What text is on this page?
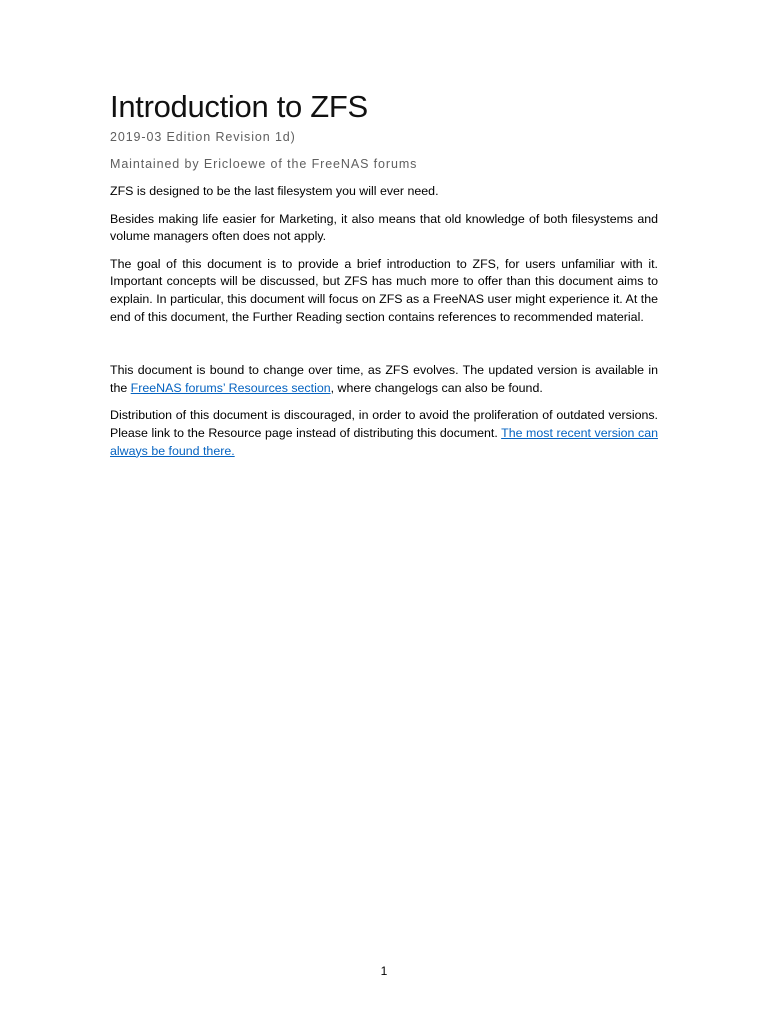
Introduction to ZFS
2019-03 Edition Revision 1d)
Maintained by Ericloewe of the FreeNAS forums

ZFS is designed to be the last filesystem you will ever need.

Besides making life easier for Marketing, it also means that old knowledge of both filesystems and volume managers often does not apply.

The goal of this document is to provide a brief introduction to ZFS, for users unfamiliar with it. Important concepts will be discussed, but ZFS has much more to offer than this document aims to explain. In particular, this document will focus on ZFS as a FreeNAS user might experience it. At the end of this document, the Further Reading section contains references to recommended material.

This document is bound to change over time, as ZFS evolves. The updated version is available in the FreeNAS forums’ Resources section, where changelogs can also be found.

Distribution of this document is discouraged, in order to avoid the proliferation of outdated versions. Please link to the Resource page instead of distributing this document. The most recent version can always be found there.

1
